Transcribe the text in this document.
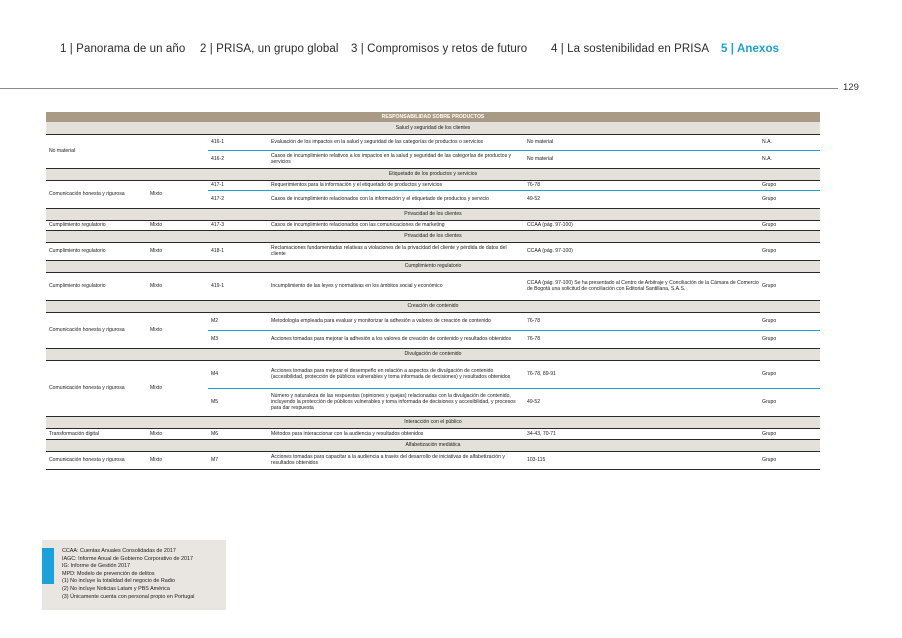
1 | Panorama de un año 2 | PRISA, un grupo global 3 | Compromisos y retos de futuro 4 | La sostenibilidad en PRISA 5 | Anexos
129
RESPONSABILIDAD SOBRE PRODUCTOS					
Salud y seguridad de los clientes					
No material		416-1	Evaluación de los impactos en la salud y seguridad de las categorías de productos o servicios	No material	N.A.
		416-2	Casos de incumplimiento relativos a los impactos en la salud y seguridad de las categorías de productos y servicios	No material	N.A.
Etiquetado de los productos y servicios					
Comunicación honesta y rigurosa	Mixto	417-1	Requerimientos para la información y el etiquetado de productos y servicios	76-78	Grupo
		417-2	Casos de incumplimiento relacionados con la información y el etiquetado de productos y servicio	49-52	Grupo
Privacidad de los clientes					
Cumplimiento regulatorio	Mixto	417-3	Casos de incumplimiento relacionados con las comunicaciones de marketing	CCAA (pág. 97-100)	Grupo
Privacidad de los clientes					
Cumplimiento regulatorio	Mixto	418-1	Reclamaciones fundamentadas relativas a violaciones de la privacidad del cliente y pérdida de datos del cliente	CCAA (pág. 97-100)	Grupo
Cumplimiento regulatorio					
Cumplimiento regulatorio	Mixto	419-1	Incumplimiento de las leyes y normativas en los ámbitos social y económico	CCAA (pág. 97-100) Se ha presentado al Centro de Arbitraje y Conciliación de la Cámara de Comercio de Bogotá una solicitud de conciliación con Editorial Santillana, S.A.S.	Grupo
Creación de contenido					
Comunicación honesta y rigurosa	Mixto	M2	Metodología empleada para evaluar y monitorizar la adhesión a valores de creación de contenido	76-78	Grupo
		M3	Acciones tomadas para mejorar la adhesión a los valores de creación de contenido y resultados obtenidos	76-78	Grupo
Divulgación de contenido					
Comunicación honesta y rigurosa	Mixto	M4	Acciones tomadas para mejorar el desempeño en relación a aspectos de divulgación de contenido (accesibilidad, protección de públicos vulnerables y toma informada de decisiones) y resultados obtenidos	76-78, 89-91	Grupo
		M5	Número y naturaleza de las respuestas (opiniones y quejas) relacionadas con la divulgación de contenido, incluyendo la protección de públicos vulnerables y toma informada de decisiones y accesibilidad, y procesos para dar respuesta	49-52	Grupo
Interacción con el público					
Transformación digital	Mixto	M6	Métodos para interaccionar con la audiencia y resultados obtenidos	34-43, 70-71	Grupo
Alfabetización mediática					
Comunicación honesta y rigurosa	Mixto	M7	Acciones tomadas para capacitar a la audiencia a través del desarrollo de iniciativas de alfabetización y resultados obtenidos	103-115	Grupo
CCAA: Cuentas Anuales Consolidadas de 2017
IAGC: Informe Anual de Gobierno Corporativo de 2017
IG: Informe de Gestión 2017
MPD: Modelo de prevención de delitos
(1) No incluye la totalidad del negocio de Radio
(2) No incluye Noticias Latam y PBS América
(3) Únicamente cuenta con personal propio en Portugal
